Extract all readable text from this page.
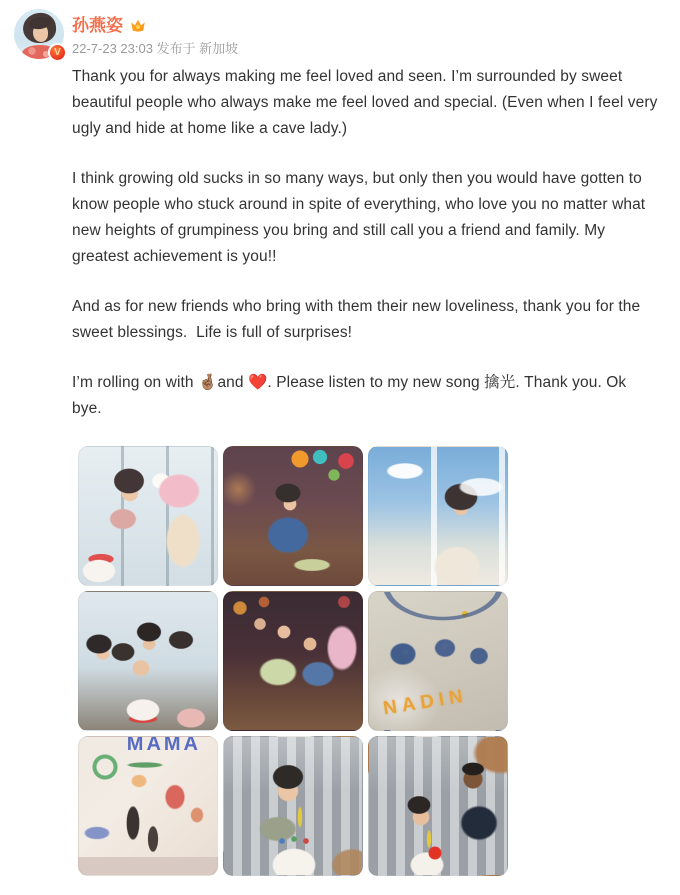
V
孙燕姿
22-7-23 23:03 发布于 新加坡

Thank you for always making me feel loved and seen. I’m surrounded by sweet beautiful people who always make me feel loved and special. (Even when I feel very ugly and hide at home like a cave lady.)

I think growing old sucks in so many ways, but only then you would have gotten to know people who stuck around in spite of everything, who love you no matter what new heights of grumpiness you bring and still call you a friend and family. My greatest achievement is you!!

And as for new friends who bring with them their new loveliness, thank you for the sweet blessings.  Life is full of surprises!

I’m rolling on with 🤞🏽and ❤️. Please listen to my new song 擒光. Thank you. Ok bye.

NADIN
MAMA
